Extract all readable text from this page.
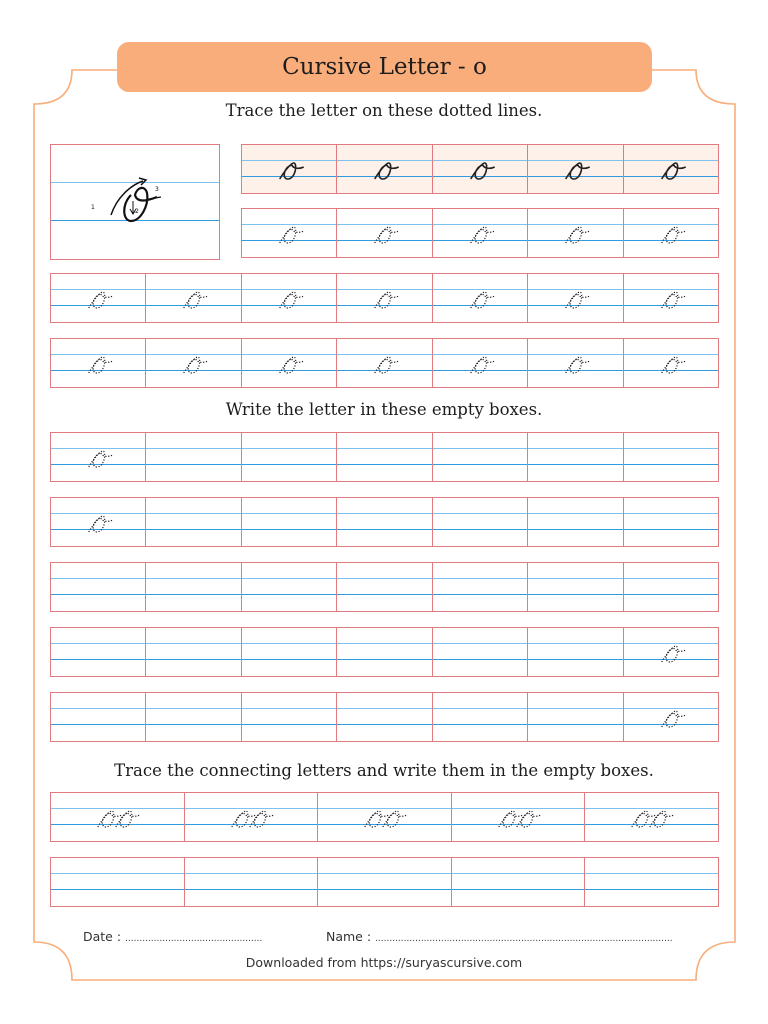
Cursive Letter - o
Trace the letter on these dotted lines.
Write the letter in these empty boxes.
Trace the connecting letters and write them in the empty boxes.
1
2
3
Date : ................................................	Name : ........................................................................................................
Downloaded from https://suryascursive.com
